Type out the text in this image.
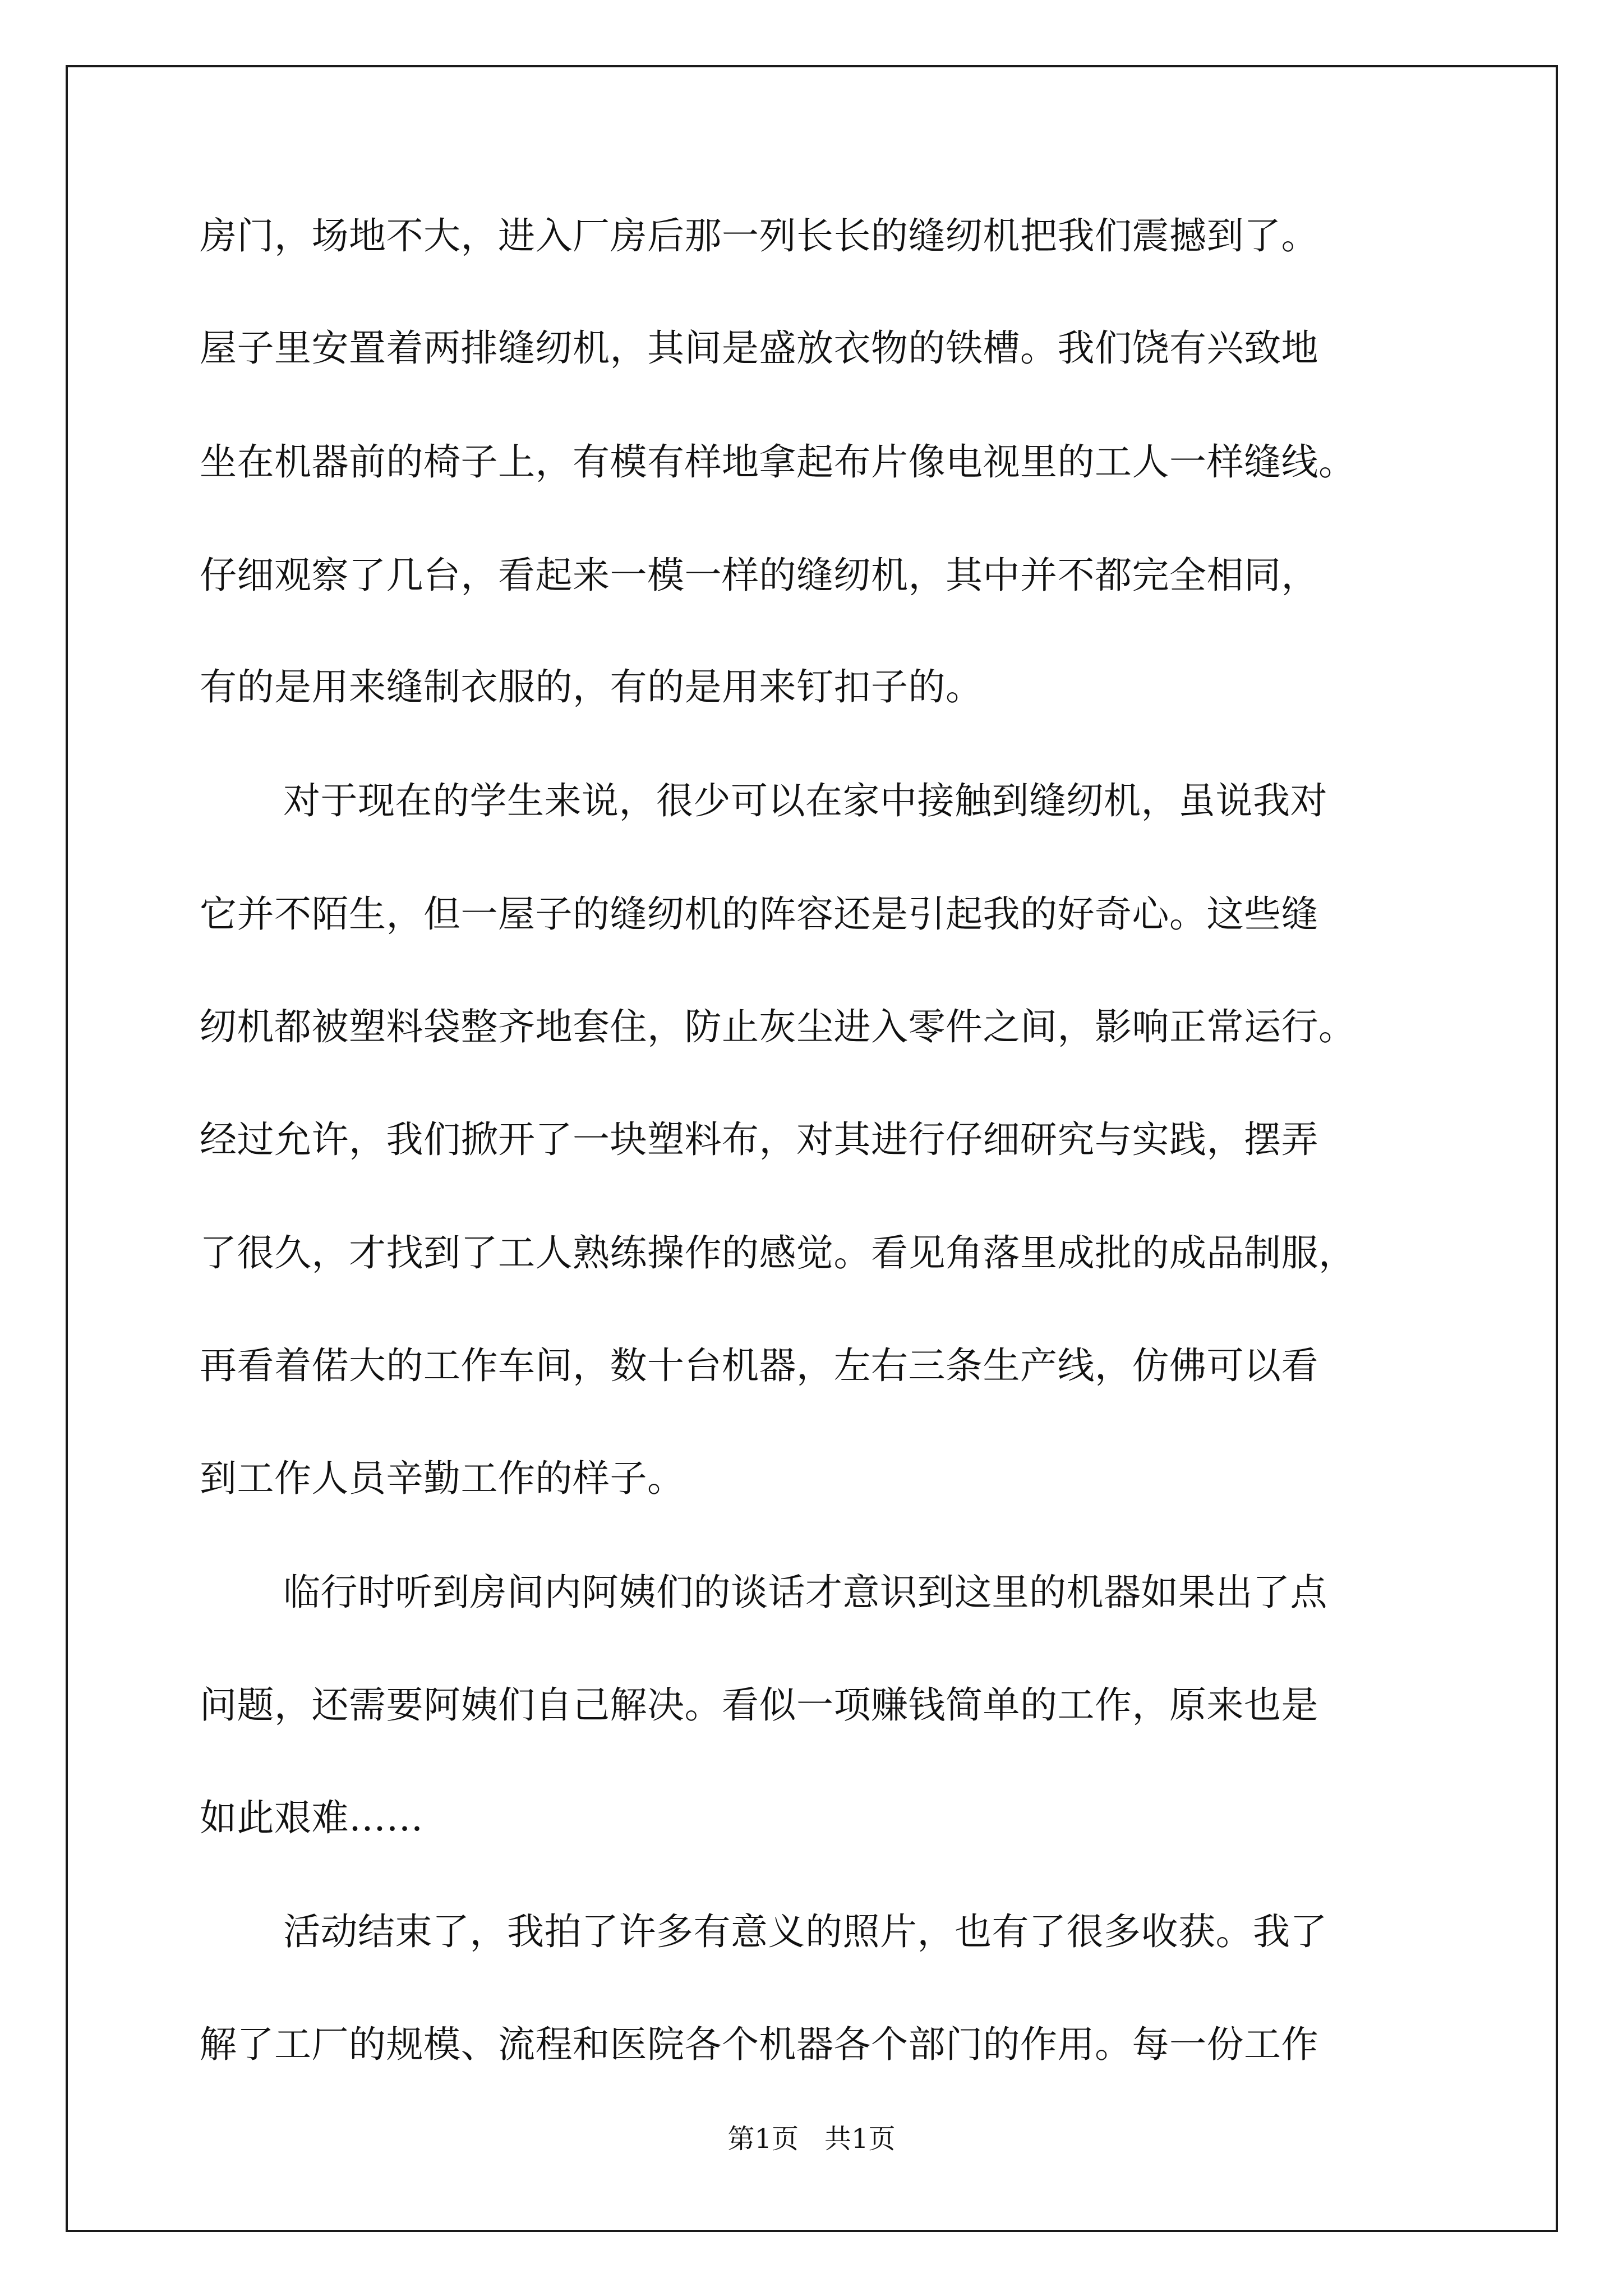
房门，场地不大，进入厂房后那一列长长的缝纫机把我们震撼到了。
屋子里安置着两排缝纫机，其间是盛放衣物的铁槽。我们饶有兴致地
坐在机器前的椅子上，有模有样地拿起布片像电视里的工人一样缝线。
仔细观察了几台，看起来一模一样的缝纫机，其中并不都完全相同，
有的是用来缝制衣服的，有的是用来钉扣子的。
对于现在的学生来说，很少可以在家中接触到缝纫机，虽说我对
它并不陌生，但一屋子的缝纫机的阵容还是引起我的好奇心。这些缝
纫机都被塑料袋整齐地套住，防止灰尘进入零件之间，影响正常运行。
经过允许，我们掀开了一块塑料布，对其进行仔细研究与实践，摆弄
了很久，才找到了工人熟练操作的感觉。看见角落里成批的成品制服，
再看着偌大的工作车间，数十台机器，左右三条生产线，仿佛可以看
到工作人员辛勤工作的样子。
临行时听到房间内阿姨们的谈话才意识到这里的机器如果出了点
问题，还需要阿姨们自己解决。看似一项赚钱简单的工作，原来也是
如此艰难……
活动结束了，我拍了许多有意义的照片，也有了很多收获。我了
解了工厂的规模、流程和医院各个机器各个部门的作用。每一份工作
第1页 共1页
